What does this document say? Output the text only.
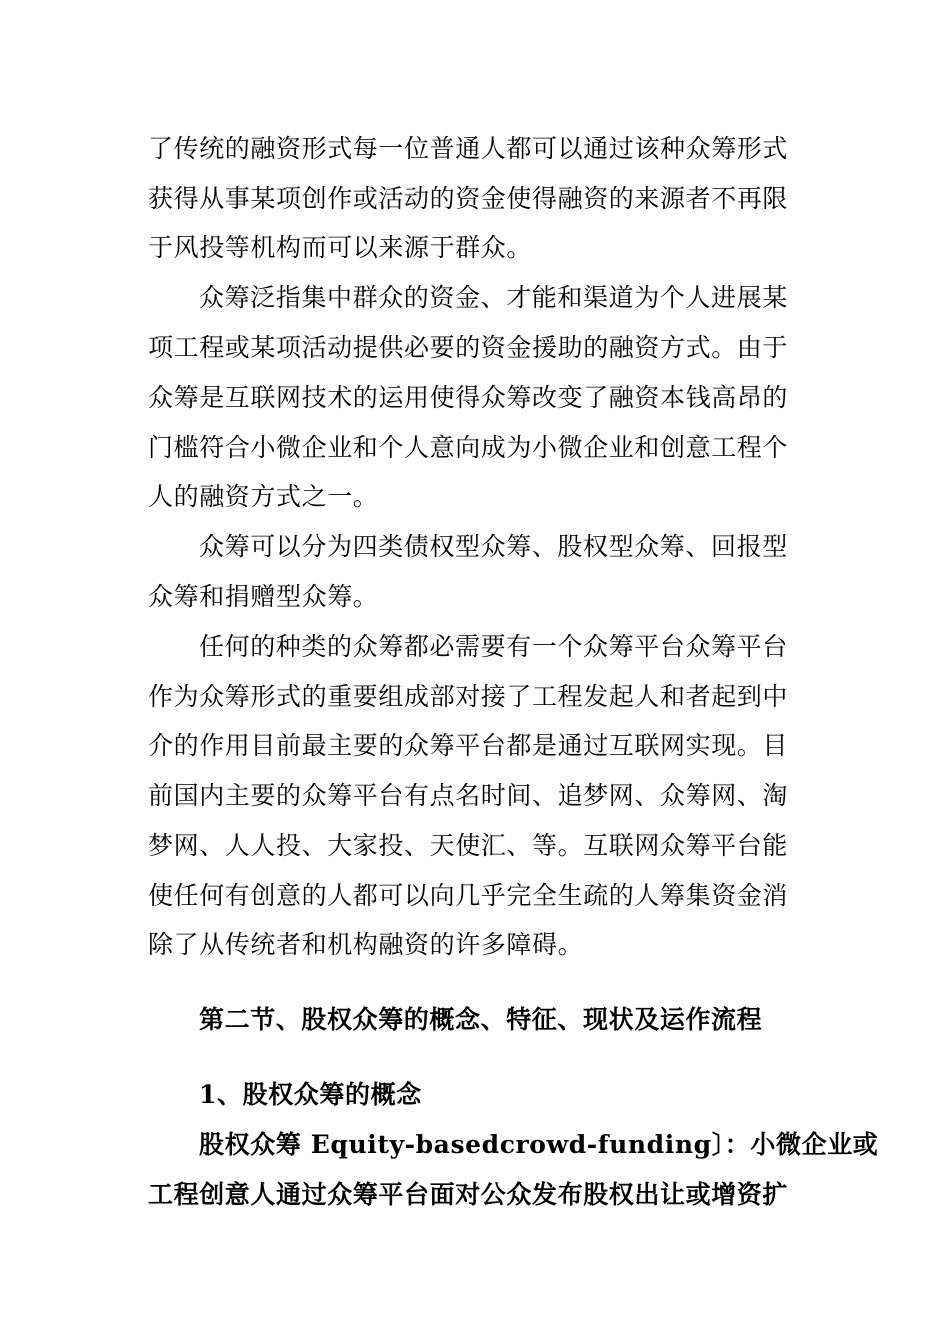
了传统的融资形式每一位普通人都可以通过该种众筹形式
获得从事某项创作或活动的资金使得融资的来源者不再限
于风投等机构而可以来源于群众。
众筹泛指集中群众的资金、才能和渠道为个人进展某
项工程或某项活动提供必要的资金援助的融资方式。由于
众筹是互联网技术的运用使得众筹改变了融资本钱高昂的
门槛符合小微企业和个人意向成为小微企业和创意工程个
人的融资方式之一。
众筹可以分为四类债权型众筹、股权型众筹、回报型
众筹和捐赠型众筹。
任何的种类的众筹都必需要有一个众筹平台众筹平台
作为众筹形式的重要组成部对接了工程发起人和者起到中
介的作用目前最主要的众筹平台都是通过互联网实现。目
前国内主要的众筹平台有点名时间、追梦网、众筹网、淘
梦网、人人投、大家投、天使汇、等。互联网众筹平台能
使任何有创意的人都可以向几乎完全生疏的人筹集资金消
除了从传统者和机构融资的许多障碍。
第二节、股权众筹的概念、特征、现状及运作流程
1、股权众筹的概念
股权众筹 Equity-basedcrowd-funding〕：小微企业或
工程创意人通过众筹平台面对公众发布股权出让或增资扩
